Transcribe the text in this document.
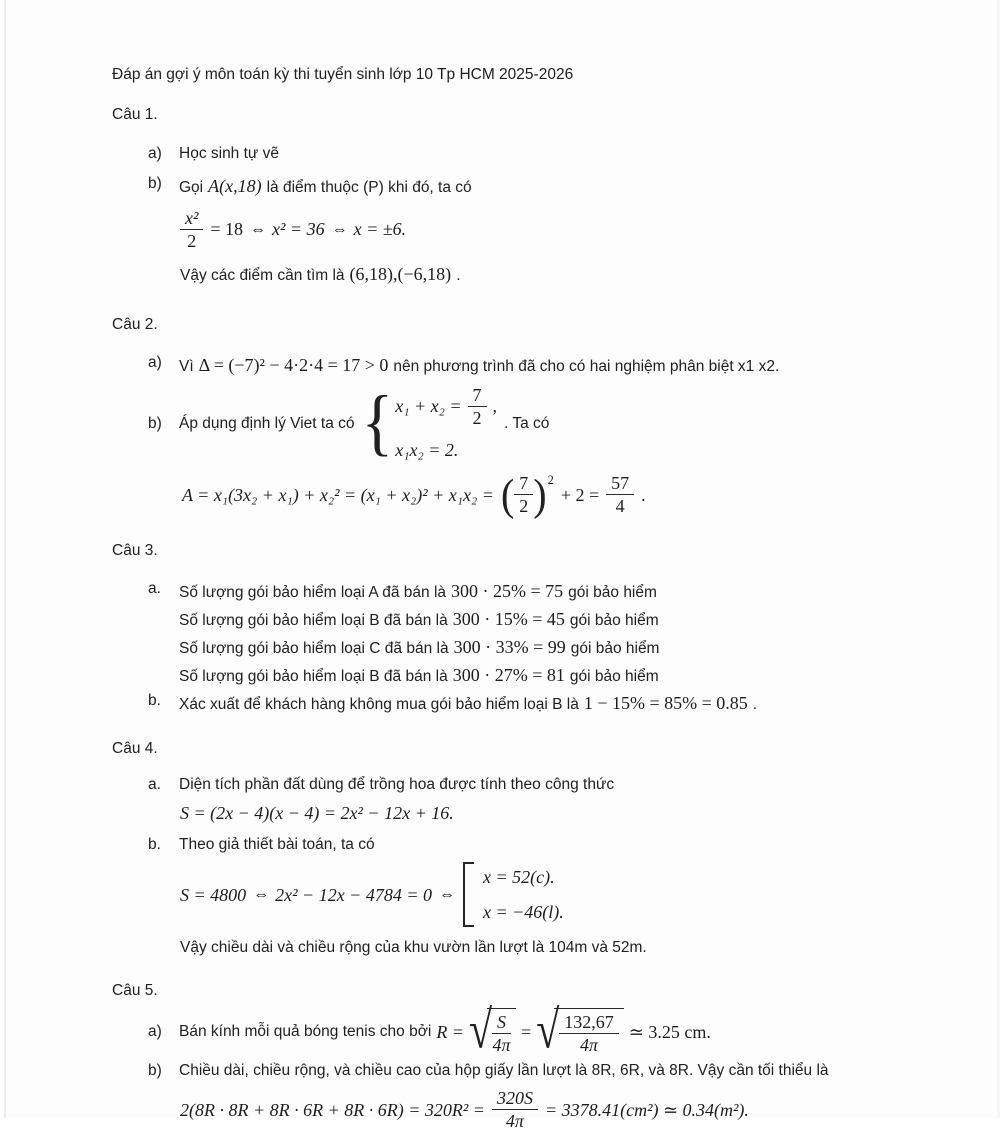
Đáp án gợi ý môn toán kỳ thi tuyển sinh lớp 10 Tp HCM 2025-2026

Câu 1.

a)	Học sinh tự vẽ
b)	Gọi A(x,18) là điểm thuộc (P) khi đó, ta có
$\frac{\text{x²}}{2} = 18$ ⇔ x² = 36 ⇔ x = ±6.
Vậy các điểm cần tìm là (6,18),(−6,18) .

Câu 2.

a)	Vì Δ = (−7)² − 4·2·4 = 17 > 0 nên phương trình đã cho có hai nghiệm phân biệt x1 x2.
b)	Áp dụng định lý Viet ta có { $x_1 + x_2 = \frac{7}{2}$ ,
x₁x₂ = 2.
. Ta có
A = x₁(3x₂ + x₁) + x₂² = (x₁ + x₂)² + x₁x₂ = ( $\frac{7}{2}$ ) 2
+ $2 = \frac{57}{4}$ .

Câu 3.

a.	Số lượng gói bảo hiểm loại A đã bán là 300 · 25% = 75 gói bảo hiểm
Số lượng gói bảo hiểm loại B đã bán là 300 · 15% = 45 gói bảo hiểm
Số lượng gói bảo hiểm loại C đã bán là 300 · 33% = 99 gói bảo hiểm
Số lượng gói bảo hiểm loại B đã bán là 300 · 27% = 81 gói bảo hiểm
b.	Xác xuất để khách hàng không mua gói bảo hiểm loại B là 1 − 15% = 85% = 0.85 .

Câu 4.

a.	Diện tích phần đất dùng để trồng hoa được tính theo công thức
S = (2x − 4)(x − 4) = 2x² − 12x + 16.
b.	Theo giả thiết bài toán, ta có
S = 4800 ⇔ 2x² − 12x − 4784 = 0 ⇔
x = 52(c).
x = −46(l).
Vậy chiều dài và chiều rộng của khu vườn lần lượt là 104m và 52m.

Câu 5.

a)	Bán kính mỗi quả bóng tenis cho bởi R = √ $\frac{S}{4\pi}$ = √ $\frac{132,67}{4\pi}$ ≃ 3.25 cm.
b)	Chiều dài, chiều rộng, và chiều cao của hộp giấy lần lượt là 8R, 6R, và 8R. Vậy cần tối thiểu là
$2(8R \cdot 8R + 8R \cdot 6R + 8R \cdot 6R) = 320R^2 = \frac{320S}{4\pi} = 3378.41(cm^2)$ ≃ 0.34(m²).
